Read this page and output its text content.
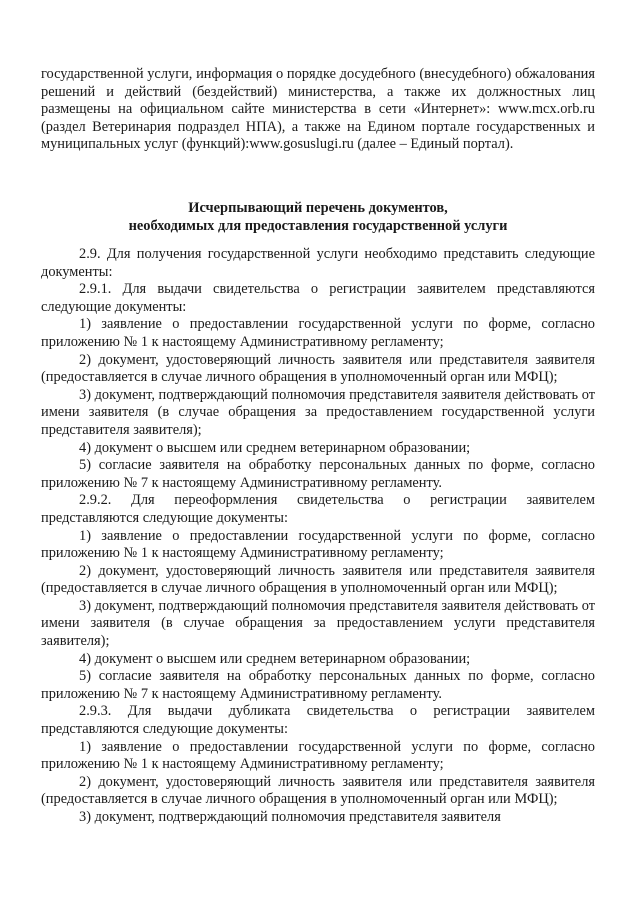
государственной услуги, информация о порядке досудебного (внесудебного) обжалования решений и действий (бездействий) министерства, а также их должностных лиц размещены на официальном сайте министерства в сети «Интернет»: www.mcx.orb.ru (раздел Ветеринария подраздел НПА), а также на Едином портале государственных и муниципальных услуг (функций):www.gosuslugi.ru (далее – Единый портал).

Исчерпывающий перечень документов,
необходимых для предоставления государственной услуги

2.9. Для получения государственной услуги необходимо представить следующие документы:

2.9.1. Для выдачи свидетельства о регистрации заявителем представляются следующие документы:

1) заявление о предоставлении государственной услуги по форме, согласно приложению № 1 к настоящему Административному регламенту;

2) документ, удостоверяющий личность заявителя или представителя заявителя (предоставляется в случае личного обращения в уполномоченный орган или МФЦ);

3) документ, подтверждающий полномочия представителя заявителя действовать от имени заявителя (в случае обращения за предоставлением государственной услуги представителя заявителя);

4) документ о высшем или среднем ветеринарном образовании;

5) согласие заявителя на обработку персональных данных по форме, согласно приложению № 7 к настоящему Административному регламенту.

2.9.2. Для переоформления свидетельства о регистрации заявителем представляются следующие документы:

1) заявление о предоставлении государственной услуги по форме, согласно приложению № 1 к настоящему Административному регламенту;

2) документ, удостоверяющий личность заявителя или представителя заявителя (предоставляется в случае личного обращения в уполномоченный орган или МФЦ);

3) документ, подтверждающий полномочия представителя заявителя действовать от имени заявителя (в случае обращения за предоставлением услуги представителя заявителя);

4) документ о высшем или среднем ветеринарном образовании;

5) согласие заявителя на обработку персональных данных по форме, согласно приложению № 7 к настоящему Административному регламенту.

2.9.3. Для выдачи дубликата свидетельства о регистрации заявителем представляются следующие документы:

1) заявление о предоставлении государственной услуги по форме, согласно приложению № 1 к настоящему Административному регламенту;

2) документ, удостоверяющий личность заявителя или представителя заявителя (предоставляется в случае личного обращения в уполномоченный орган или МФЦ);

3) документ, подтверждающий полномочия представителя заявителя
